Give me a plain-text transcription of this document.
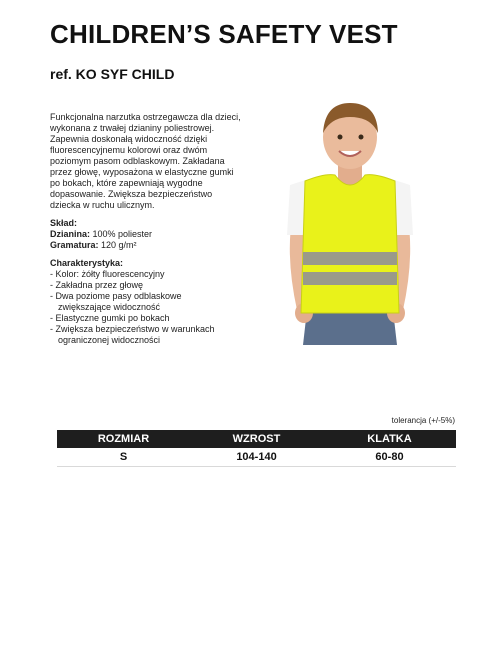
CHILDREN’S SAFETY VEST
ref. KO SYF CHILD
Funkcjonalna narzutka ostrzegawcza dla dzieci,
wykonana z trwałej dzianiny poliestrowej.
Zapewnia doskonałą widoczność dzięki
fluorescencyjnemu kolorowi oraz dwóm
poziomym pasom odblaskowym. Zakładana
przez głowę, wyposażona w elastyczne gumki
po bokach, które zapewniają wygodne
dopasowanie. Zwiększa bezpieczeństwo
dziecka w ruchu ulicznym.
Skład:
Dzianina: 100% poliester
Gramatura: 120 g/m²
Charakterystyka:
- Kolor: żółty fluorescencyjny
- Zakładna przez głowę
- Dwa poziome pasy odblaskowe
zwiększające widoczność
- Elastyczne gumki po bokach
- Zwiększa bezpieczeństwo w warunkach
ograniczonej widoczności
tolerancja (+/-5%)
ROZMIAR	WZROST	KLATKA
S	104-140	60-80
